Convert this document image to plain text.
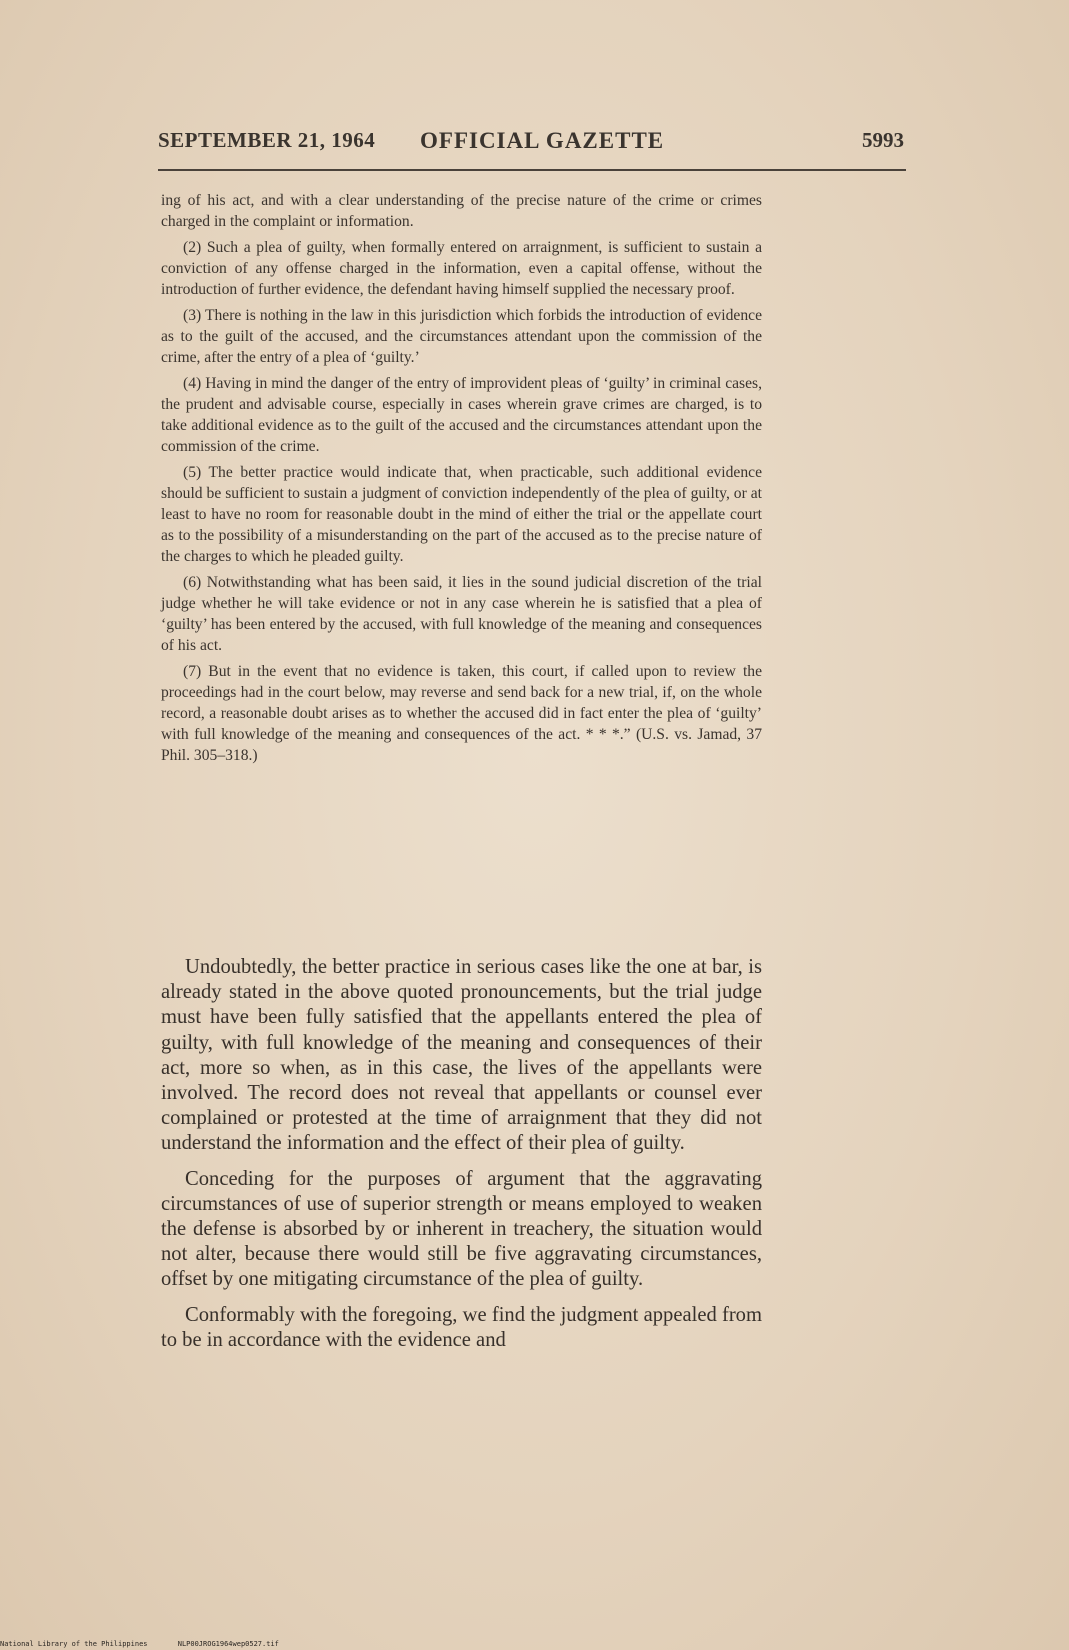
SEPTEMBER 21, 1964 OFFICIAL GAZETTE	5993

ing of his act, and with a clear understanding of the precise nature of the crime or crimes charged in the complaint or information.

(2) Such a plea of guilty, when formally entered on arraignment, is sufficient to sustain a conviction of any offense charged in the information, even a capital offense, without the introduction of further evidence, the defendant having himself supplied the necessary proof.

(3) There is nothing in the law in this jurisdiction which forbids the introduction of evidence as to the guilt of the accused, and the circumstances attendant upon the commission of the crime, after the entry of a plea of ‘guilty.’

(4) Having in mind the danger of the entry of improvident pleas of ‘guilty’ in criminal cases, the prudent and advisable course, especially in cases wherein grave crimes are charged, is to take additional evidence as to the guilt of the accused and the circumstances attendant upon the commission of the crime.

(5) The better practice would indicate that, when practicable, such additional evidence should be sufficient to sustain a judgment of conviction independently of the plea of guilty, or at least to have no room for reasonable doubt in the mind of either the trial or the appellate court as to the possibility of a misunderstanding on the part of the accused as to the precise nature of the charges to which he pleaded guilty.

(6) Notwithstanding what has been said, it lies in the sound judicial discretion of the trial judge whether he will take evidence or not in any case wherein he is satisfied that a plea of ‘guilty’ has been entered by the accused, with full knowledge of the meaning and consequences of his act.

(7) But in the event that no evidence is taken, this court, if called upon to review the proceedings had in the court below, may reverse and send back for a new trial, if, on the whole record, a reasonable doubt arises as to whether the accused did in fact enter the plea of ‘guilty’ with full knowledge of the meaning and consequences of the act. * * *.” (U.S. vs. Jamad, 37 Phil. 305–318.)

Undoubtedly, the better practice in serious cases like the one at bar, is already stated in the above quoted pronouncements, but the trial judge must have been fully satisfied that the appellants entered the plea of guilty, with full knowledge of the meaning and consequences of their act, more so when, as in this case, the lives of the appellants were involved. The record does not reveal that appellants or counsel ever complained or protested at the time of arraignment that they did not understand the information and the effect of their plea of guilty.

Conceding for the purposes of argument that the aggravating circumstances of use of superior strength or means employed to weaken the defense is absorbed by or inherent in treachery, the situation would not alter, because there would still be five aggravating circumstances, offset by one mitigating circumstance of the plea of guilty.

Conformably with the foregoing, we find the judgment appealed from to be in accordance with the evidence and

National Library of the Philippines	NLP00JROG1964wep0527.tif
